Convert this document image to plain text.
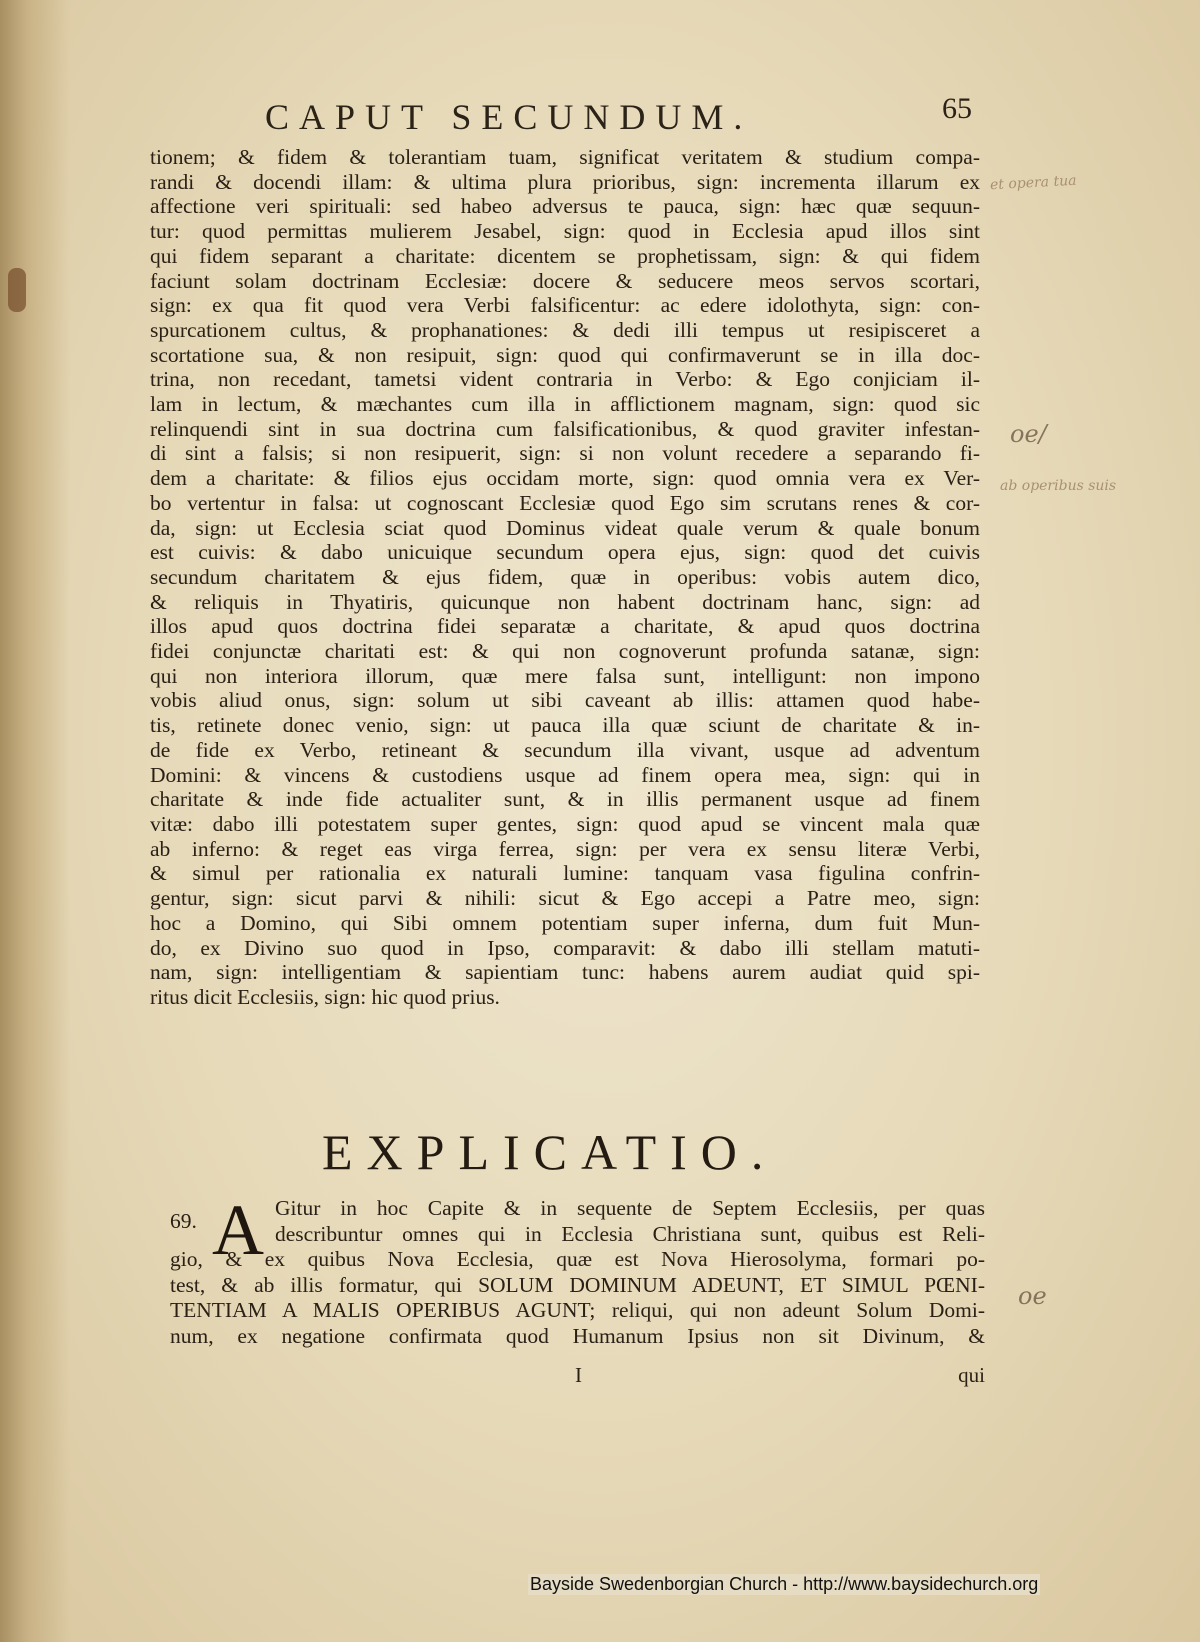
CAPUT SECUNDUM.	65
tionem; & fidem & tolerantiam tuam, significat veritatem & studium compa-
randi & docendi illam: & ultima plura prioribus, sign: incrementa illarum ex
affectione veri spirituali: sed habeo adversus te pauca, sign: hæc quæ sequun-
tur: quod permittas mulierem Jesabel, sign: quod in Ecclesia apud illos sint
qui fidem separant a charitate: dicentem se prophetissam, sign: & qui fidem
faciunt solam doctrinam Ecclesiæ: docere & seducere meos servos scortari,
sign: ex qua fit quod vera Verbi falsificentur: ac edere idolothyta, sign: con-
spurcationem cultus, & prophanationes: & dedi illi tempus ut resipisceret a
scortatione sua, & non resipuit, sign: quod qui confirmaverunt se in illa doc-
trina, non recedant, tametsi vident contraria in Verbo: & Ego conjiciam il-
lam in lectum, & mæchantes cum illa in afflictionem magnam, sign: quod sic
relinquendi sint in sua doctrina cum falsificationibus, & quod graviter infestan-
di sint a falsis; si non resipuerit, sign: si non volunt recedere a separando fi-
dem a charitate: & filios ejus occidam morte, sign: quod omnia vera ex Ver-
bo vertentur in falsa: ut cognoscant Ecclesiæ quod Ego sim scrutans renes & cor-
da, sign: ut Ecclesia sciat quod Dominus videat quale verum & quale bonum
est cuivis: & dabo unicuique secundum opera ejus, sign: quod det cuivis
secundum charitatem & ejus fidem, quæ in operibus: vobis autem dico,
& reliquis in Thyatiris, quicunque non habent doctrinam hanc, sign: ad
illos apud quos doctrina fidei separatæ a charitate, & apud quos doctrina
fidei conjunctæ charitati est: & qui non cognoverunt profunda satanæ, sign:
qui non interiora illorum, quæ mere falsa sunt, intelligunt: non impono
vobis aliud onus, sign: solum ut sibi caveant ab illis: attamen quod habe-
tis, retinete donec venio, sign: ut pauca illa quæ sciunt de charitate & in-
de fide ex Verbo, retineant & secundum illa vivant, usque ad adventum
Domini: & vincens & custodiens usque ad finem opera mea, sign: qui in
charitate & inde fide actualiter sunt, & in illis permanent usque ad finem
vitæ: dabo illi potestatem super gentes, sign: quod apud se vincent mala quæ
ab inferno: & reget eas virga ferrea, sign: per vera ex sensu literæ Verbi,
& simul per rationalia ex naturali lumine: tanquam vasa figulina confrin-
gentur, sign: sicut parvi & nihili: sicut & Ego accepi a Patre meo, sign:
hoc a Domino, qui Sibi omnem potentiam super inferna, dum fuit Mun-
do, ex Divino suo quod in Ipso, comparavit: & dabo illi stellam matuti-
nam, sign: intelligentiam & sapientiam tunc: habens aurem audiat quid spi-
ritus dicit Ecclesiis, sign: hic quod prius.
EXPLICATIO.
69. A Gitur in hoc Capite & in sequente de Septem Ecclesiis, per quas
describuntur omnes qui in Ecclesia Christiana sunt, quibus est Reli-
gio, & ex quibus Nova Ecclesia, quæ est Nova Hierosolyma, formari po-
test, & ab illis formatur, qui SOLUM DOMINUM ADEUNT, ET SIMUL PŒNI-
TENTIAM A MALIS OPERIBUS AGUNT; reliqui, qui non adeunt Solum Domi-
num, ex negatione confirmata quod Humanum Ipsius non sit Divinum, &
I	qui
et opera tua
oe/
ab operibus suis
oe
Bayside Swedenborgian Church - http://www.baysidechurch.org
